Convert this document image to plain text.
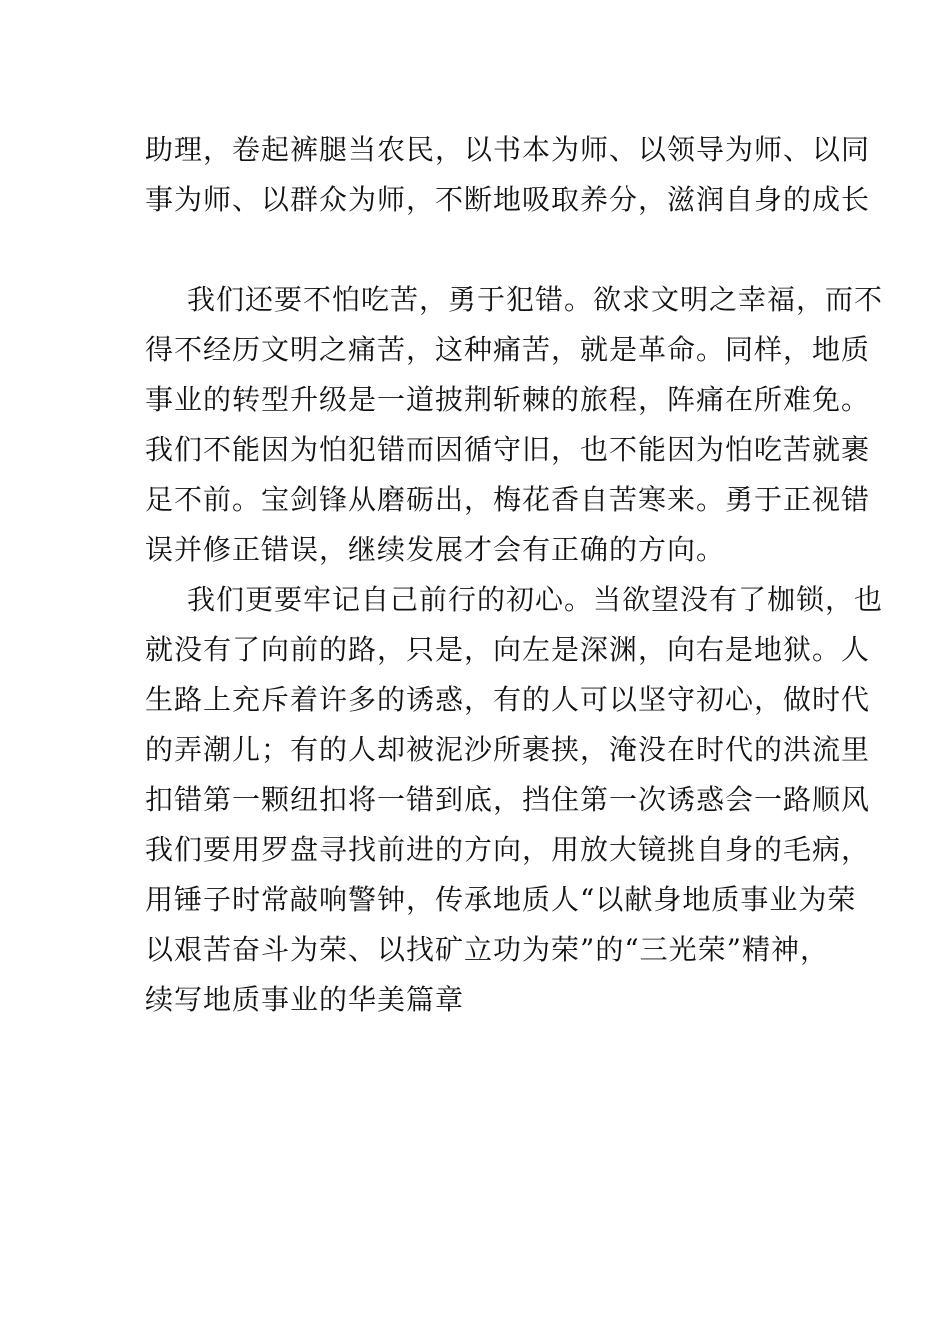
助理，卷起裤腿当农民，以书本为师、以领导为师、以同
事为师、以群众为师，不断地吸取养分，滋润自身的成长
我们还要不怕吃苦，勇于犯错。欲求文明之幸福，而不
得不经历文明之痛苦，这种痛苦，就是革命。同样，地质
事业的转型升级是一道披荆斩棘的旅程，阵痛在所难免。
我们不能因为怕犯错而因循守旧，也不能因为怕吃苦就裹
足不前。宝剑锋从磨砺出，梅花香自苦寒来。勇于正视错
误并修正错误，继续发展才会有正确的方向。
我们更要牢记自己前行的初心。当欲望没有了枷锁，也
就没有了向前的路，只是，向左是深渊，向右是地狱。人
生路上充斥着许多的诱惑，有的人可以坚守初心，做时代
的弄潮儿；有的人却被泥沙所裹挟，淹没在时代的洪流里
扣错第一颗纽扣将一错到底，挡住第一次诱惑会一路顺风
我们要用罗盘寻找前进的方向，用放大镜挑自身的毛病，
用锤子时常敲响警钟，传承地质人“以献身地质事业为荣
以艰苦奋斗为荣、以找矿立功为荣”的“三光荣”精神，
续写地质事业的华美篇章
